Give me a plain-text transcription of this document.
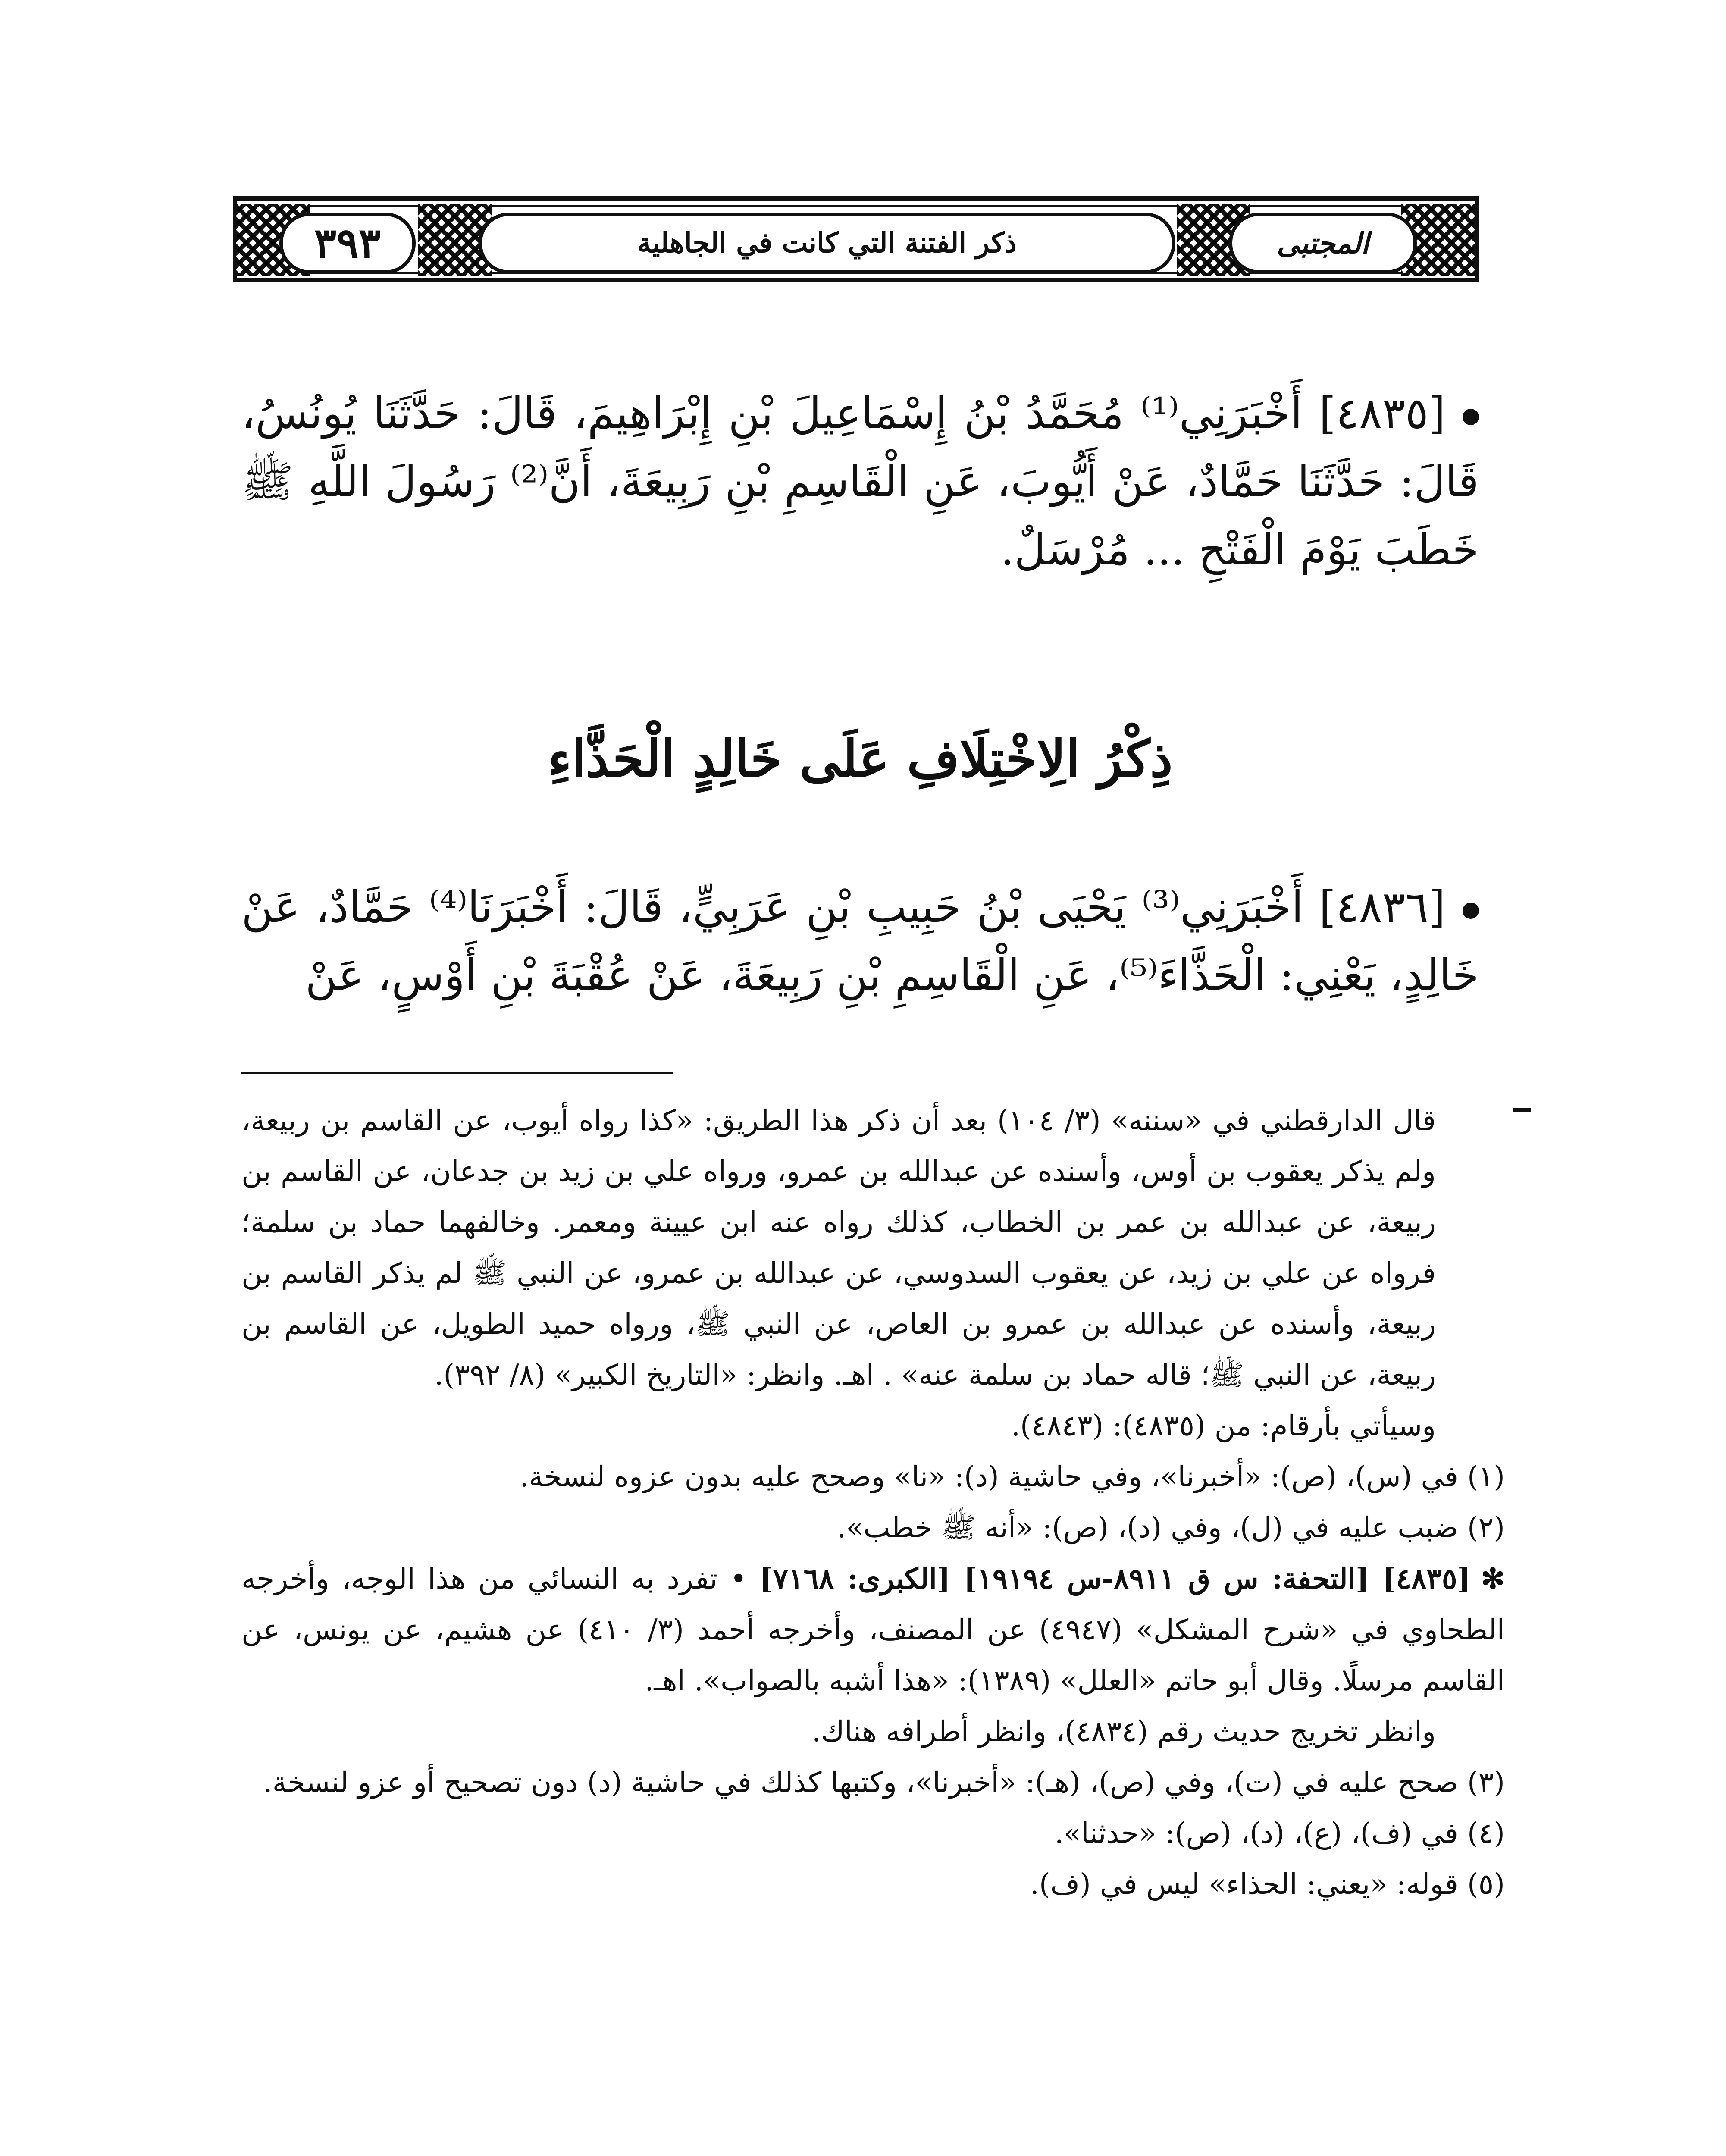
٣٩٣	ذكر الفتنة التي كانت في الجاهلية	المجتبى

[٤٨٣٥] أَخْبَرَنِي⁽¹⁾ مُحَمَّدُ بْنُ إِسْمَاعِيلَ بْنِ إِبْرَاهِيمَ، قَالَ: حَدَّثَنَا يُونُسُ، قَالَ: حَدَّثَنَا حَمَّادٌ، عَنْ أَيُّوبَ، عَنِ الْقَاسِمِ بْنِ رَبِيعَةَ، أَنَّ⁽²⁾ رَسُولَ اللَّهِ ﷺ خَطَبَ يَوْمَ الْفَتْحِ ... مُرْسَلٌ.

ذِكْرُ الِاخْتِلَافِ عَلَى خَالِدٍ الْحَذَّاءِ

[٤٨٣٦] أَخْبَرَنِي⁽³⁾ يَحْيَى بْنُ حَبِيبِ بْنِ عَرَبِيٍّ، قَالَ: أَخْبَرَنَا⁽⁴⁾ حَمَّادٌ، عَنْ خَالِدٍ، يَعْنِي: الْحَذَّاءَ⁽⁵⁾، عَنِ الْقَاسِمِ بْنِ رَبِيعَةَ، عَنْ عُقْبَةَ بْنِ أَوْسٍ، عَنْ

قال الدارقطني في «سننه» (٣/ ١٠٤) بعد أن ذكر هذا الطريق: «كذا رواه أيوب، عن القاسم بن ربيعة، ولم يذكر يعقوب بن أوس، وأسنده عن عبدالله بن عمرو، ورواه علي بن زيد بن جدعان، عن القاسم بن ربيعة، عن عبدالله بن عمر بن الخطاب، كذلك رواه عنه ابن عيينة ومعمر. وخالفهما حماد بن سلمة؛ فرواه عن علي بن زيد، عن يعقوب السدوسي، عن عبدالله بن عمرو، عن النبي ﷺ لم يذكر القاسم بن ربيعة، وأسنده عن عبدالله بن عمرو بن العاص، عن النبي ﷺ، ورواه حميد الطويل، عن القاسم بن ربيعة، عن النبي ﷺ؛ قاله حماد بن سلمة عنه» . اهـ. وانظر: «التاريخ الكبير» (٨/ ٣٩٢).

وسيأتي بأرقام: من (٤٨٣٥): (٤٨٤٣).

(١) في (س)، (ص): «أخبرنا»، وفي حاشية (د): «نا» وصحح عليه بدون عزوه لنسخة.

(٢) ضبب عليه في (ل)، وفي (د)، (ص): «أنه ﷺ خطب».

✻[٤٨٣٥] [التحفة: س ق ٨٩١١-س ١٩١٩٤] [الكبرى: ٧١٦٨] • تفرد به النسائي من هذا الوجه، وأخرجه الطحاوي في «شرح المشكل» (٤٩٤٧) عن المصنف، وأخرجه أحمد (٣/ ٤١٠) عن هشيم، عن يونس، عن القاسم مرسلًا. وقال أبو حاتم «العلل» (١٣٨٩): «هذا أشبه بالصواب». اهـ.

وانظر تخريج حديث رقم (٤٨٣٤)، وانظر أطرافه هناك.

(٣) صحح عليه في (ت)، وفي (ص)، (هـ): «أخبرنا»، وكتبها كذلك في حاشية (د) دون تصحيح أو عزو لنسخة.

(٤) في (ف)، (ع)، (د)، (ص): «حدثنا».

(٥) قوله: «يعني: الحذاء» ليس في (ف).
